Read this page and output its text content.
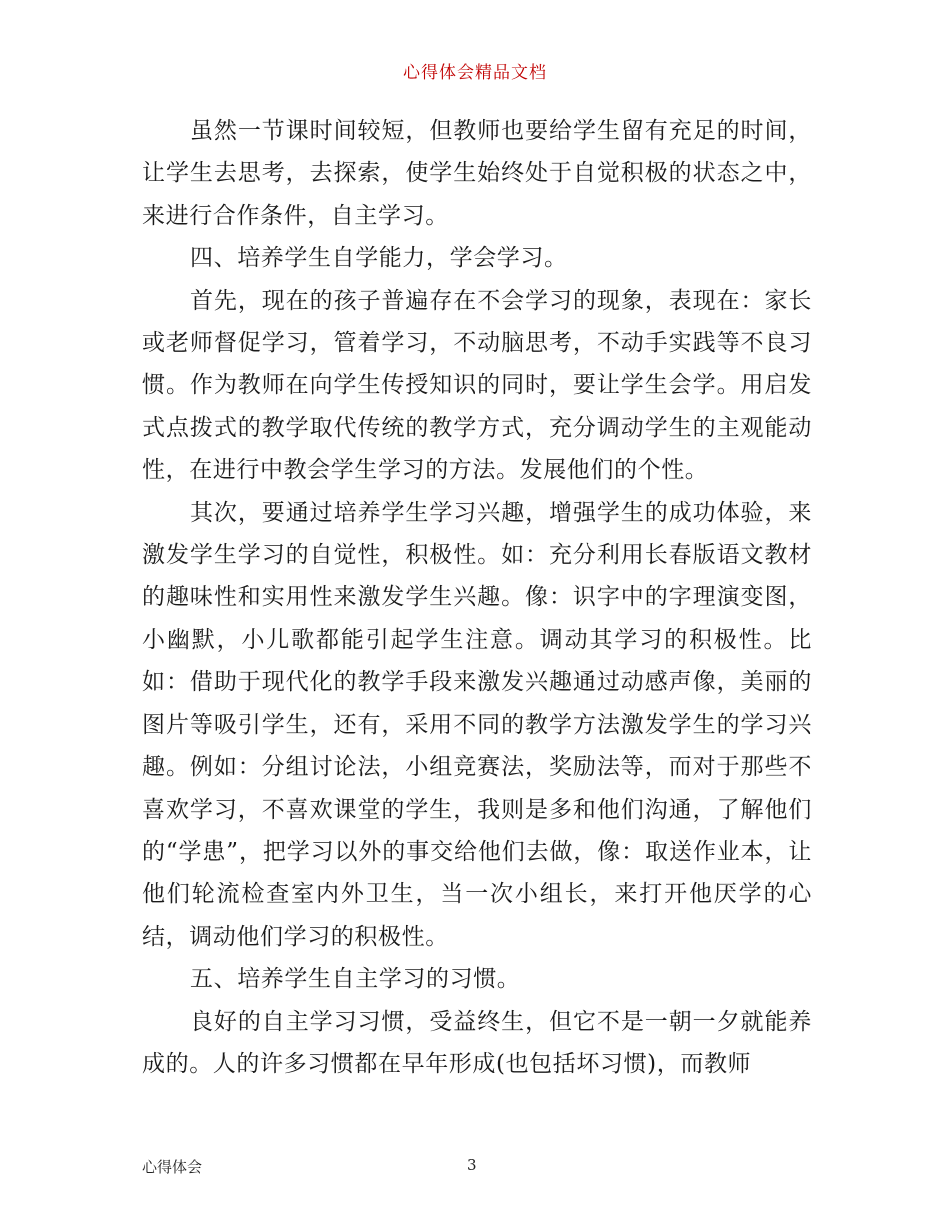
心得体会精品文档

虽然一节课时间较短，但教师也要给学生留有充足的时间，让学生去思考，去探索，使学生始终处于自觉积极的状态之中，来进行合作条件，自主学习。

四、培养学生自学能力，学会学习。

首先，现在的孩子普遍存在不会学习的现象，表现在：家长或老师督促学习，管着学习，不动脑思考，不动手实践等不良习惯。作为教师在向学生传授知识的同时，要让学生会学。用启发式点拨式的教学取代传统的教学方式，充分调动学生的主观能动性，在进行中教会学生学习的方法。发展他们的个性。

其次，要通过培养学生学习兴趣，增强学生的成功体验，来激发学生学习的自觉性，积极性。如：充分利用长春版语文教材的趣味性和实用性来激发学生兴趣。像：识字中的字理演变图，小幽默，小儿歌都能引起学生注意。调动其学习的积极性。比如：借助于现代化的教学手段来激发兴趣通过动感声像，美丽的图片等吸引学生，还有，采用不同的教学方法激发学生的学习兴趣。例如：分组讨论法，小组竞赛法，奖励法等，而对于那些不喜欢学习，不喜欢课堂的学生，我则是多和他们沟通，了解他们的“学患”，把学习以外的事交给他们去做，像：取送作业本，让他们轮流检查室内外卫生，当一次小组长，来打开他厌学的心结，调动他们学习的积极性。

五、培养学生自主学习的习惯。

良好的自主学习习惯，受益终生，但它不是一朝一夕就能养成的。人的许多习惯都在早年形成(也包括坏习惯)，而教师

心得体会	3
